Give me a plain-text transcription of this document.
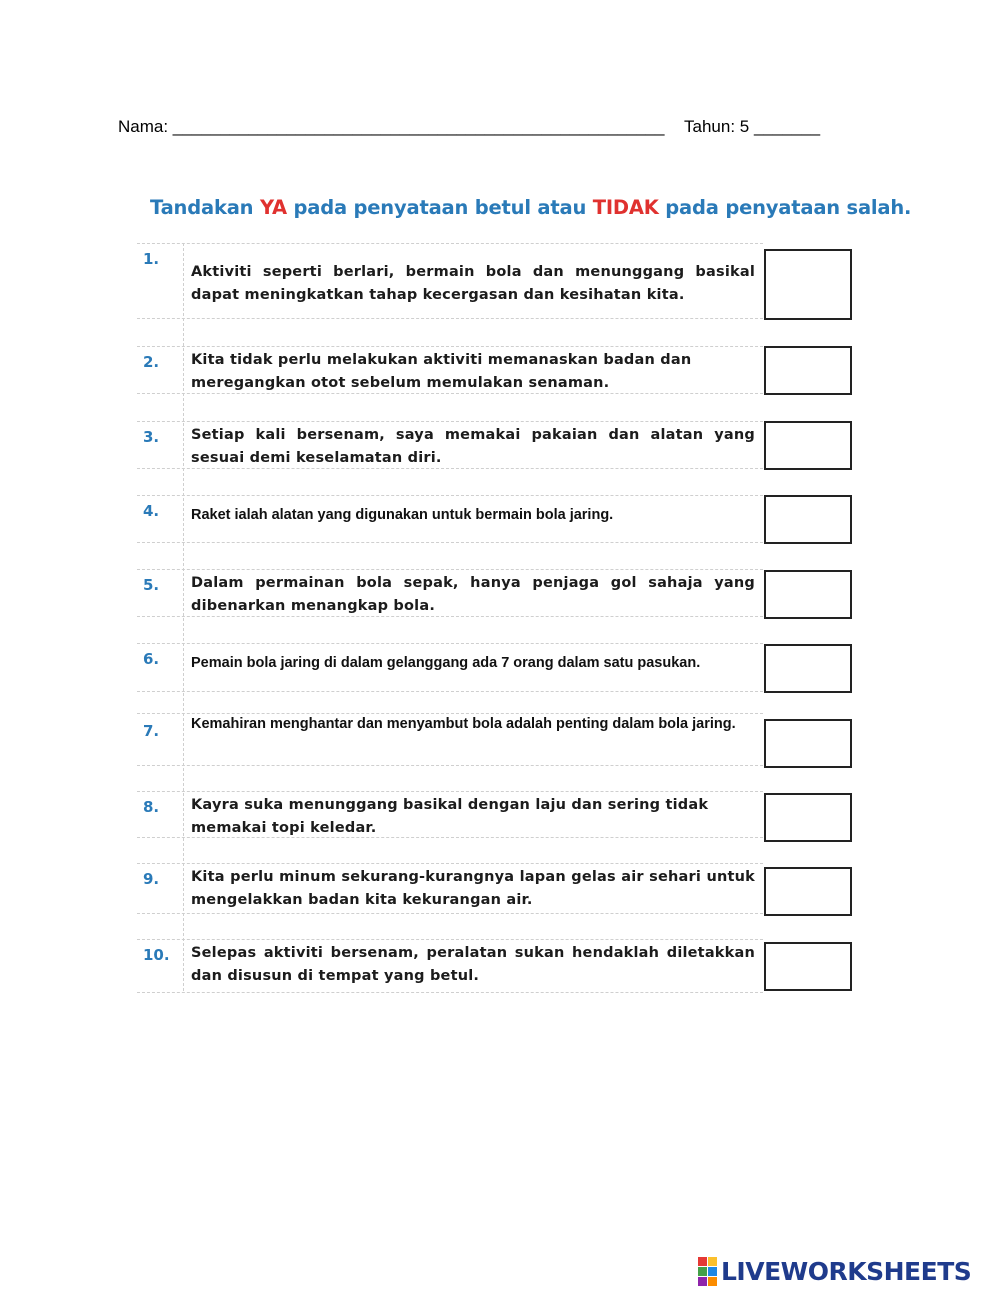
Nama: ____________________________________________________ Tahun: 5 _______
Tandakan YA pada penyataan betul atau TIDAK pada penyataan salah.
1.
Aktiviti seperti berlari, bermain bola dan menunggang basikal dapat meningkatkan tahap kecergasan dan kesihatan kita.
2. Kita tidak perlu melakukan aktiviti memanaskan badan dan meregangkan otot sebelum memulakan senaman.
3. Setiap kali bersenam, saya memakai pakaian dan alatan yang sesuai demi keselamatan diri.
4. Raket ialah alatan yang digunakan untuk bermain bola jaring.
5. Dalam permainan bola sepak, hanya penjaga gol sahaja yang dibenarkan menangkap bola.
6. Pemain bola jaring di dalam gelanggang ada 7 orang dalam satu pasukan.
7. Kemahiran menghantar dan menyambut bola adalah penting dalam bola jaring.
8. Kayra suka menunggang basikal dengan laju dan sering tidak memakai topi keledar.
9. Kita perlu minum sekurang-kurangnya lapan gelas air sehari untuk mengelakkan badan kita kekurangan air.
10. Selepas aktiviti bersenam, peralatan sukan hendaklah diletakkan dan disusun di tempat yang betul.
LIVEWORKSHEETS
